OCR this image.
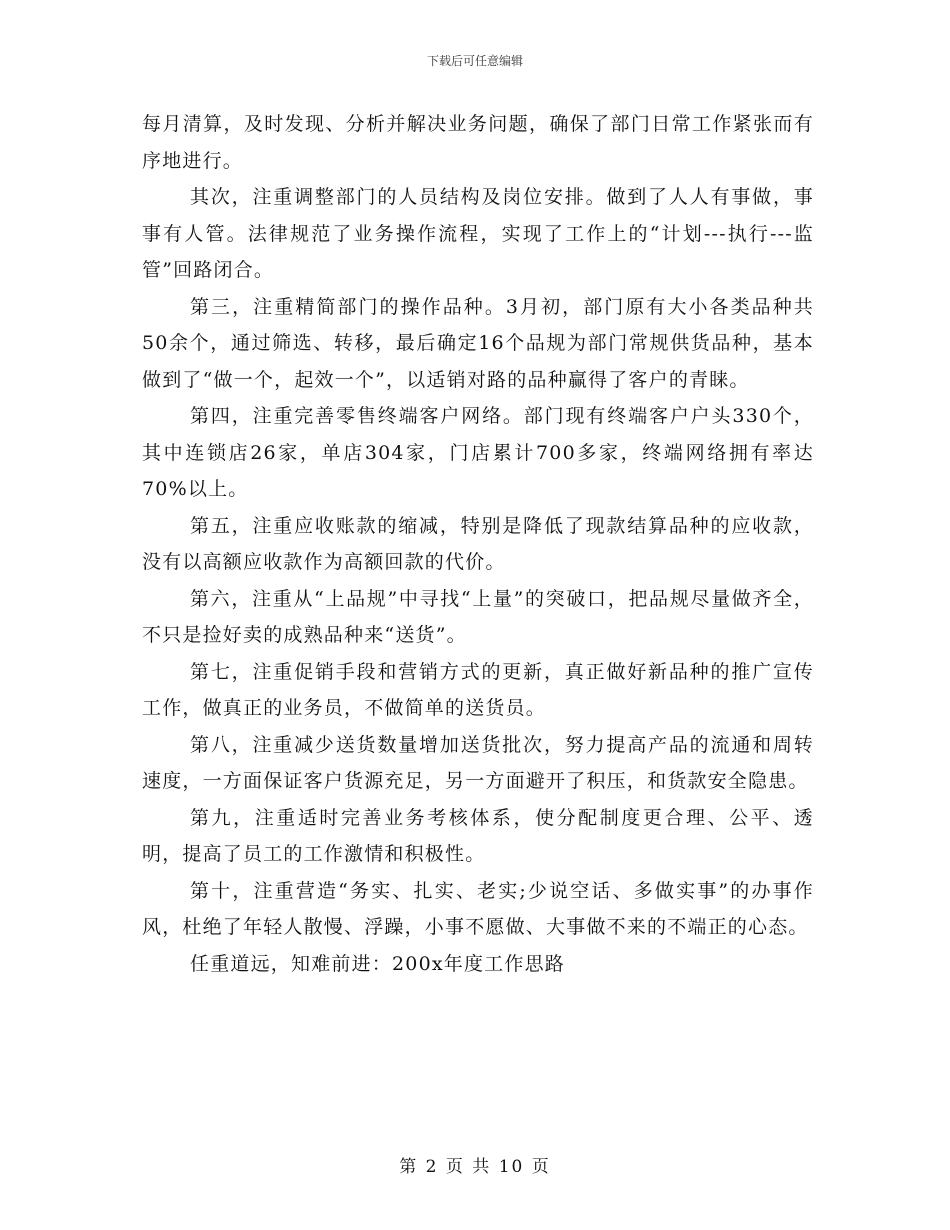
下载后可任意编辑

每月清算，及时发现、分析并解决业务问题，确保了部门日常工作紧张而有序地进行。

其次，注重调整部门的人员结构及岗位安排。做到了人人有事做，事事有人管。法律规范了业务操作流程，实现了工作上的“计划---执行---监管”回路闭合。

第三，注重精简部门的操作品种。3月初，部门原有大小各类品种共50余个，通过筛选、转移，最后确定16个品规为部门常规供货品种，基本做到了“做一个，起效一个”，以适销对路的品种赢得了客户的青睐。

第四，注重完善零售终端客户网络。部门现有终端客户户头330个，其中连锁店26家，单店304家，门店累计700多家，终端网络拥有率达70%以上。

第五，注重应收账款的缩减，特别是降低了现款结算品种的应收款，没有以高额应收款作为高额回款的代价。

第六，注重从“上品规”中寻找“上量”的突破口，把品规尽量做齐全，不只是捡好卖的成熟品种来“送货”。

第七，注重促销手段和营销方式的更新，真正做好新品种的推广宣传工作，做真正的业务员，不做简单的送货员。

第八，注重减少送货数量增加送货批次，努力提高产品的流通和周转速度，一方面保证客户货源充足，另一方面避开了积压，和货款安全隐患。

第九，注重适时完善业务考核体系，使分配制度更合理、公平、透明，提高了员工的工作激情和积极性。

第十，注重营造“务实、扎实、老实;少说空话、多做实事”的办事作风，杜绝了年轻人散慢、浮躁，小事不愿做、大事做不来的不端正的心态。

任重道远，知难前进：200x年度工作思路

第 2 页 共 10 页
